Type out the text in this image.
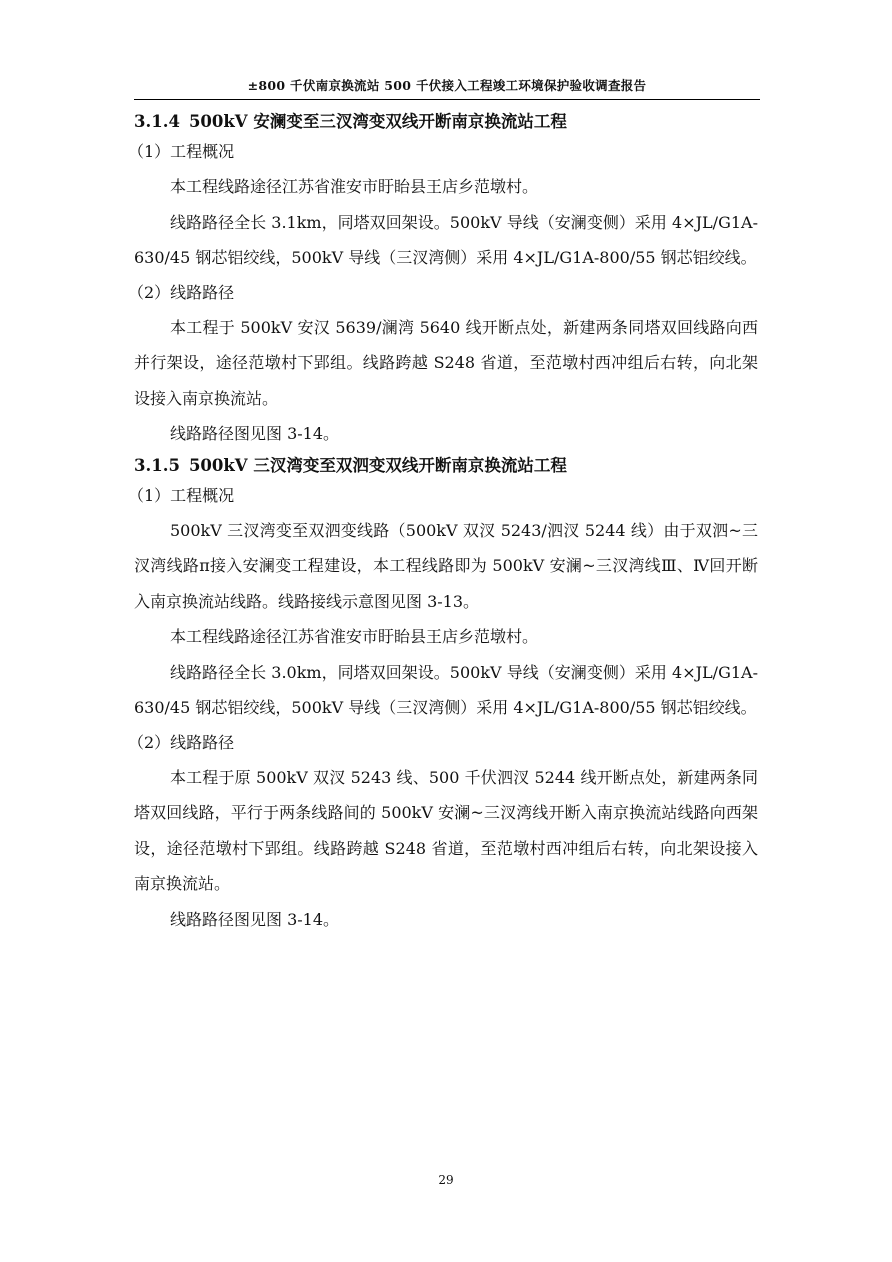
±800 千伏南京换流站 500 千伏接入工程竣工环境保护验收调查报告
3.1.4 500kV 安澜变至三汊湾变双线开断南京换流站工程

（1）工程概况

本工程线路途径江苏省淮安市盱眙县王店乡范墩村。

线路路径全长 3.1km，同塔双回架设。500kV 导线（安澜变侧）采用 4×JL/G1A-630/45 钢芯铝绞线，500kV 导线（三汊湾侧）采用 4×JL/G1A-800/55 钢芯铝绞线。

（2）线路路径

本工程于 500kV 安汉 5639/澜湾 5640 线开断点处，新建两条同塔双回线路向西并行架设，途径范墩村下郢组。线路跨越 S248 省道，至范墩村西冲组后右转，向北架设接入南京换流站。

线路路径图见图 3-14。

3.1.5 500kV 三汊湾变至双泗变双线开断南京换流站工程

（1）工程概况

500kV 三汊湾变至双泗变线路（500kV 双汊 5243/泗汊 5244 线）由于双泗~三汊湾线路π接入安澜变工程建设，本工程线路即为 500kV 安澜~三汊湾线Ⅲ、Ⅳ回开断入南京换流站线路。线路接线示意图见图 3-13。

本工程线路途径江苏省淮安市盱眙县王店乡范墩村。

线路路径全长 3.0km，同塔双回架设。500kV 导线（安澜变侧）采用 4×JL/G1A-630/45 钢芯铝绞线，500kV 导线（三汊湾侧）采用 4×JL/G1A-800/55 钢芯铝绞线。

（2）线路路径

本工程于原 500kV 双汊 5243 线、500 千伏泗汊 5244 线开断点处，新建两条同塔双回线路，平行于两条线路间的 500kV 安澜~三汊湾线开断入南京换流站线路向西架设，途径范墩村下郢组。线路跨越 S248 省道，至范墩村西冲组后右转，向北架设接入南京换流站。

线路路径图见图 3-14。

29
